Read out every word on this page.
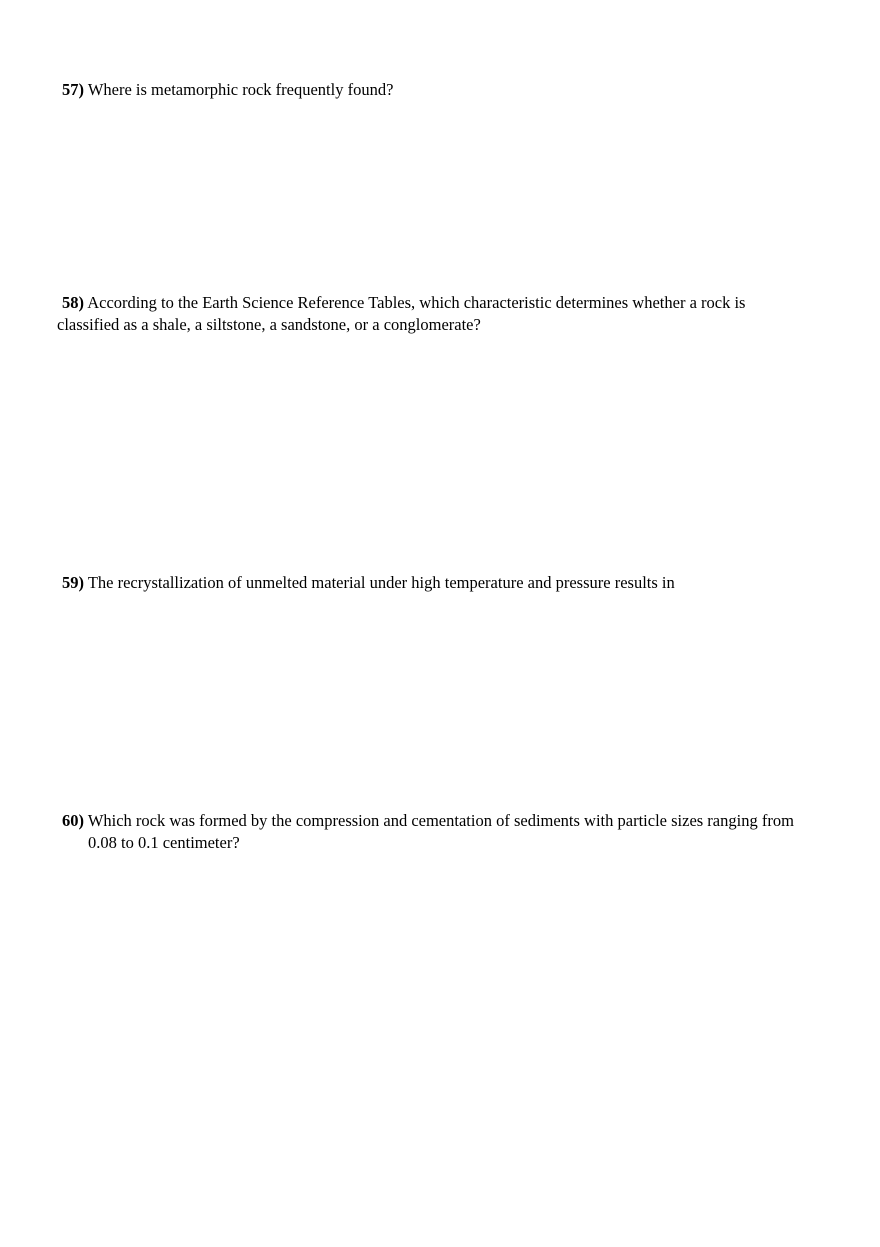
57) Where is metamorphic rock frequently found?
58) According to the Earth Science Reference Tables, which characteristic determines whether a rock is
classified as a shale, a siltstone, a sandstone, or a conglomerate?
59) The recrystallization of unmelted material under high temperature and pressure results in
60) Which rock was formed by the compression and cementation of sediments with particle sizes ranging from
0.08 to 0.1 centimeter?
